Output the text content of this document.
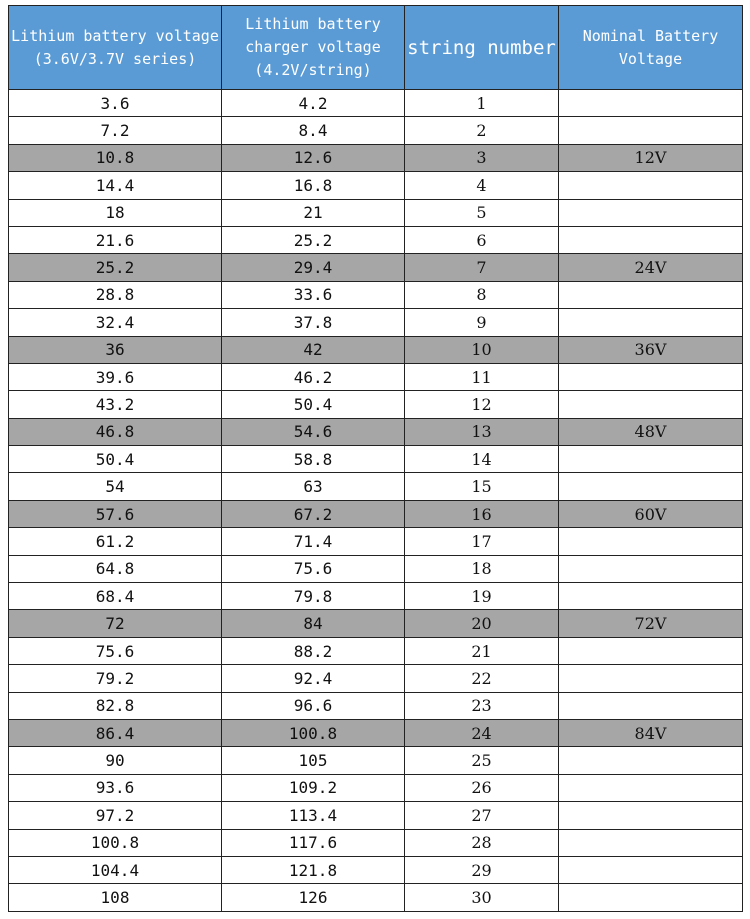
Lithium battery voltage (3.6V/3.7V series)	Lithium battery charger voltage (4.2V/string)	string number	Nominal Battery Voltage
3.6	4.2	1	
7.2	8.4	2	
10.8	12.6	3	12V
14.4	16.8	4	
18	21	5	
21.6	25.2	6	
25.2	29.4	7	24V
28.8	33.6	8	
32.4	37.8	9	
36	42	10	36V
39.6	46.2	11	
43.2	50.4	12	
46.8	54.6	13	48V
50.4	58.8	14	
54	63	15	
57.6	67.2	16	60V
61.2	71.4	17	
64.8	75.6	18	
68.4	79.8	19	
72	84	20	72V
75.6	88.2	21	
79.2	92.4	22	
82.8	96.6	23	
86.4	100.8	24	84V
90	105	25	
93.6	109.2	26	
97.2	113.4	27	
100.8	117.6	28	
104.4	121.8	29	
108	126	30	
